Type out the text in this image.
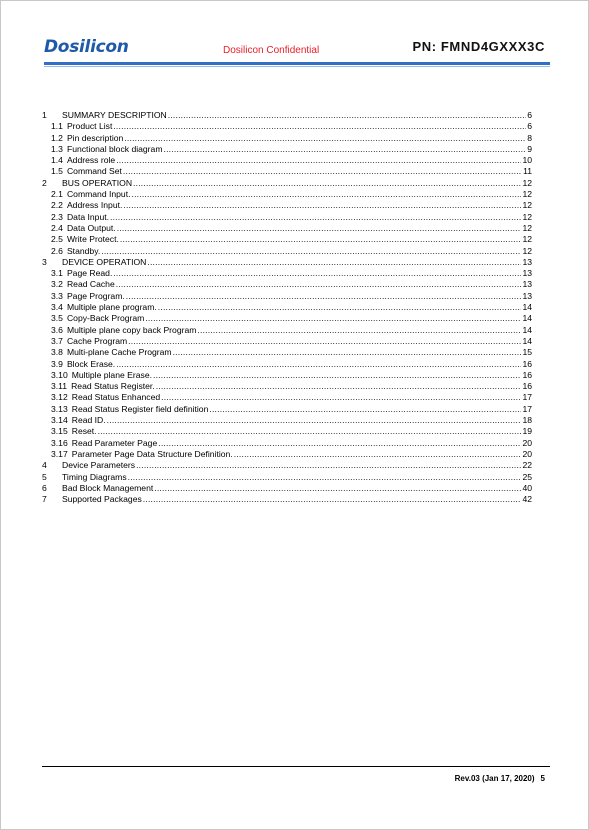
Dosilicon	Dosilicon Confidential	PN: FMND4GXXX3C
1	SUMMARY DESCRIPTION .....	6
1.1 Product List .....	6
1.2 Pin description .....	8
1.3 Functional block diagram .....	9
1.4 Address role .....	10
1.5 Command Set .....	11
2	BUS OPERATION .....	12
2.1 Command Input. .....	12
2.2 Address Input. .....	12
2.3 Data Input. .....	12
2.4 Data Output. .....	12
2.5 Write Protect. .....	12
2.6 Standby. .....	12
3	DEVICE OPERATION .....	13
3.1 Page Read. .....	13
3.2 Read Cache .....	13
3.3 Page Program. .....	13
3.4 Multiple plane program. .....	14
3.5 Copy-Back Program .....	14
3.6 Multiple plane copy back Program .....	14
3.7 Cache Program .....	14
3.8 Multi-plane Cache Program .....	15
3.9 Block Erase. .....	16
3.10 Multiple plane Erase. .....	16
3.11 Read Status Register. .....	16
3.12 Read Status Enhanced .....	17
3.13 Read Status Register field definition .....	17
3.14 Read ID. .....	18
3.15 Reset. .....	19
3.16 Read Parameter Page .....	20
3.17 Parameter Page Data Structure Definition. .....	20
4	Device Parameters .....	22
5	Timing Diagrams .....	25
6	Bad Block Management .....	40
7	Supported Packages .....	42
Rev.03 (Jan 17, 2020) 5
